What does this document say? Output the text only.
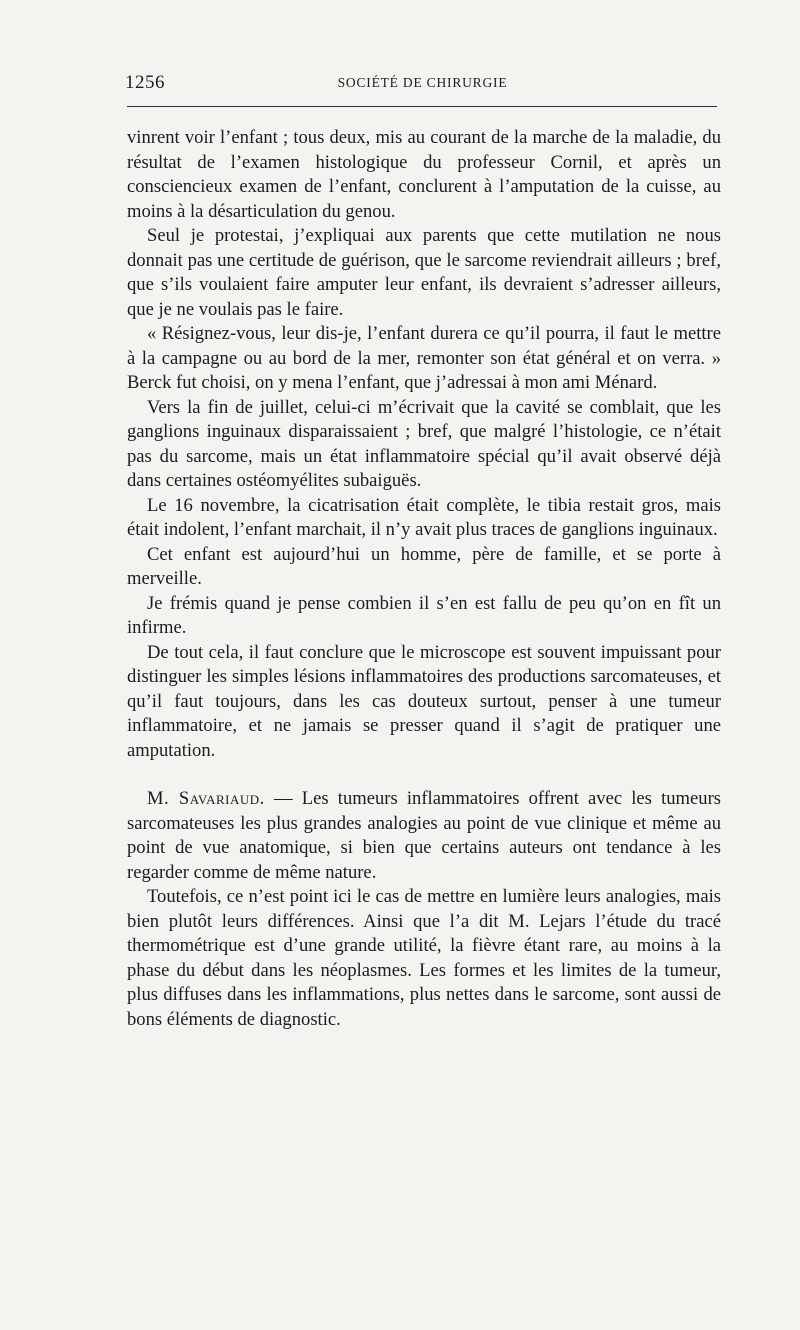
1256	SOCIÉTÉ DE CHIRURGIE

vinrent voir l’enfant ; tous deux, mis au courant de la marche de la maladie, du résultat de l’examen histologique du professeur Cornil, et après un consciencieux examen de l’enfant, conclurent à l’amputation de la cuisse, au moins à la désarticulation du genou.

Seul je protestai, j’expliquai aux parents que cette mutilation ne nous donnait pas une certitude de guérison, que le sarcome reviendrait ailleurs ; bref, que s’ils voulaient faire amputer leur enfant, ils devraient s’adresser ailleurs, que je ne voulais pas le faire.

« Résignez-vous, leur dis-je, l’enfant durera ce qu’il pourra, il faut le mettre à la campagne ou au bord de la mer, remonter son état général et on verra. » Berck fut choisi, on y mena l’enfant, que j’adressai à mon ami Ménard.

Vers la fin de juillet, celui-ci m’écrivait que la cavité se comblait, que les ganglions inguinaux disparaissaient ; bref, que malgré l’histologie, ce n’était pas du sarcome, mais un état inflammatoire spécial qu’il avait observé déjà dans certaines ostéomyélites subaiguës.

Le 16 novembre, la cicatrisation était complète, le tibia restait gros, mais était indolent, l’enfant marchait, il n’y avait plus traces de ganglions inguinaux.

Cet enfant est aujourd’hui un homme, père de famille, et se porte à merveille.

Je frémis quand je pense combien il s’en est fallu de peu qu’on en fît un infirme.

De tout cela, il faut conclure que le microscope est souvent impuissant pour distinguer les simples lésions inflammatoires des productions sarcomateuses, et qu’il faut toujours, dans les cas douteux surtout, penser à une tumeur inflammatoire, et ne jamais se presser quand il s’agit de pratiquer une amputation.

M. Savariaud. — Les tumeurs inflammatoires offrent avec les tumeurs sarcomateuses les plus grandes analogies au point de vue clinique et même au point de vue anatomique, si bien que certains auteurs ont tendance à les regarder comme de même nature.

Toutefois, ce n’est point ici le cas de mettre en lumière leurs analogies, mais bien plutôt leurs différences. Ainsi que l’a dit M. Lejars l’étude du tracé thermométrique est d’une grande utilité, la fièvre étant rare, au moins à la phase du début dans les néoplasmes. Les formes et les limites de la tumeur, plus diffuses dans les inflammations, plus nettes dans le sarcome, sont aussi de bons éléments de diagnostic.
